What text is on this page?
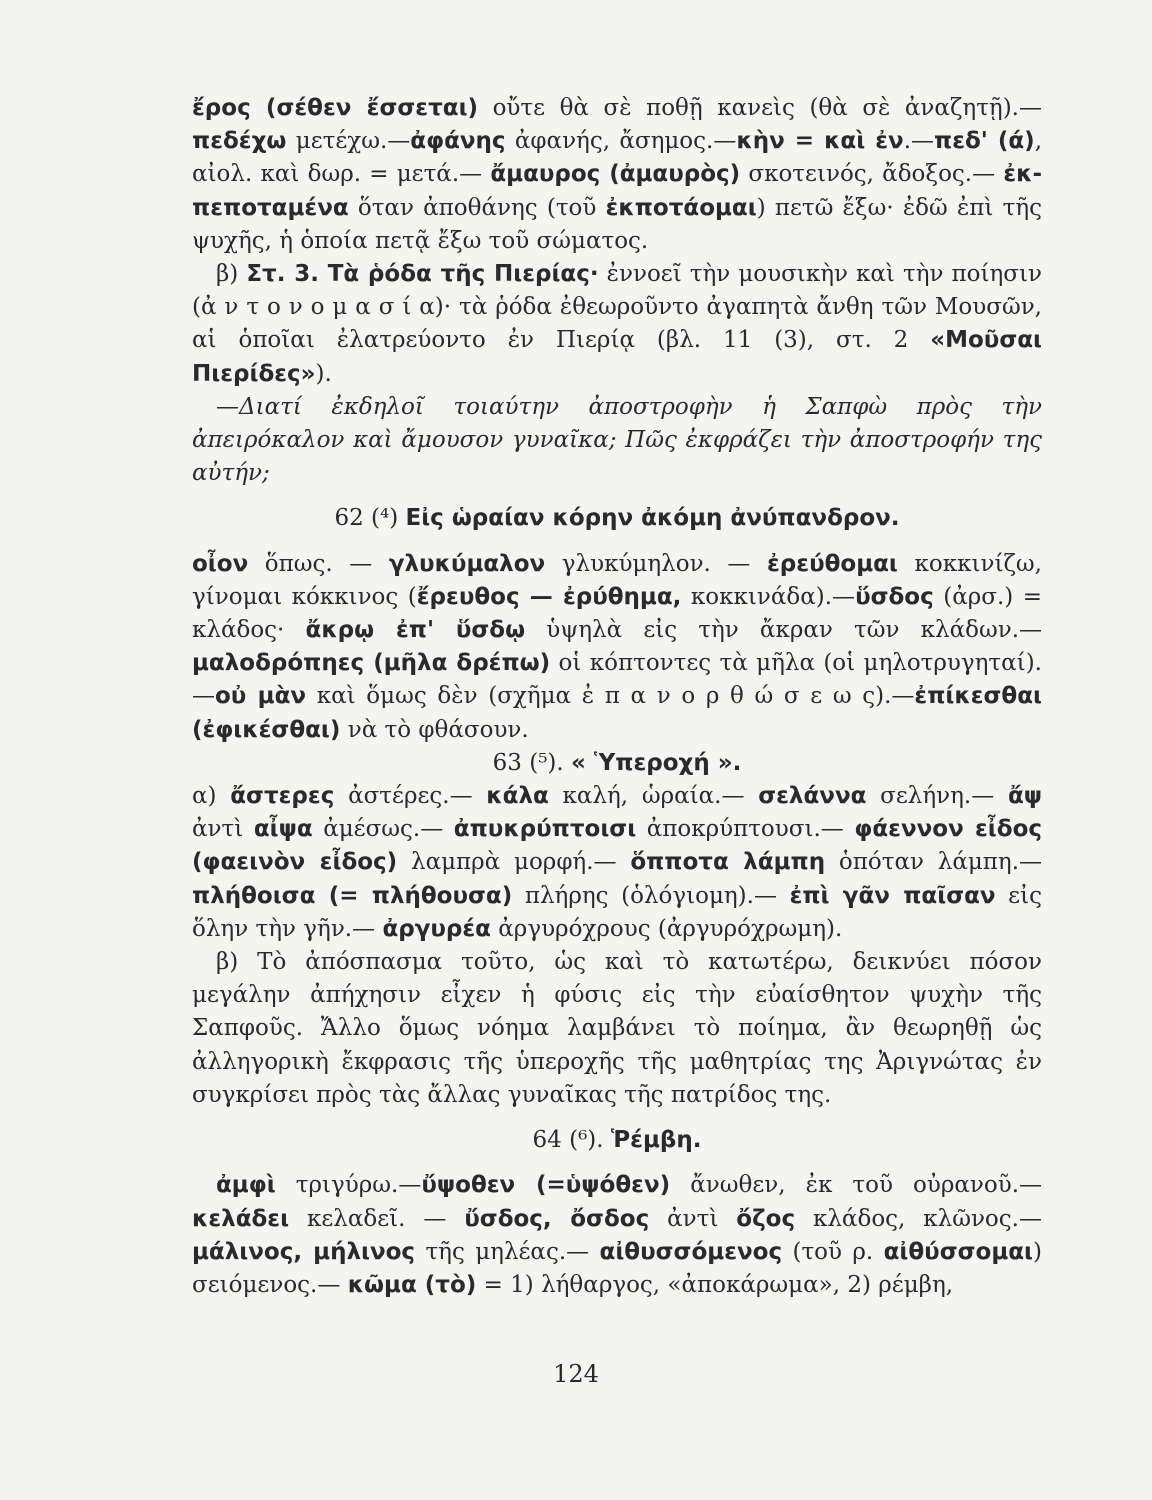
ἔρος (σέθεν ἔσσεται) οὔτε θὰ σὲ ποθῇ κανεὶς (θὰ σὲ ἀναζητῇ).— πεδέχω μετέχω.—ἀφάνης ἀφανής, ἄσημος.—κὴν = καὶ ἐν.—πεδ' (ά), αἰολ. καὶ δωρ. = μετά.— ἄμαυρος (ἀμαυρὸς) σκοτεινός, ἄδοξος.— ἐκ-πεποταμένα ὅταν ἀποθάνης (τοῦ ἐκποτάομαι) πετῶ ἔξω· ἐδῶ ἐπὶ τῆς ψυχῆς, ἡ ὁποία πετᾷ ἔξω τοῦ σώματος.

β) Στ. 3. Τὰ ῥόδα τῆς Πιερίας· ἐννοεῖ τὴν μουσικὴν καὶ τὴν ποίησιν (ἀ ν τ ο ν ο μ α σ ί α)· τὰ ῥόδα ἐθεωροῦντο ἀγαπητὰ ἄνθη τῶν Μουσῶν, αἱ ὁποῖαι ἐλατρεύοντο ἐν Πιερίᾳ (βλ. 11 (3), στ. 2 «Μοῦσαι Πιερίδες»).

—Διατί ἐκδηλοῖ τοιαύτην ἀποστροφὴν ἡ Σαπφὼ πρὸς τὴν ἀπειρόκαλον καὶ ἄμουσον γυναῖκα; Πῶς ἐκφράζει τὴν ἀποστροφήν της αὐτήν;

62 (⁴) Εἰς ὡραίαν κόρην ἀκόμη ἀνύπανδρον.

οἶον ὅπως. — γλυκύμαλον γλυκύμηλον. — ἐρεύθομαι κοκκινίζω, γίνομαι κόκκινος (ἔρευθος — ἐρύθημα, κοκκινάδα).—ὕσδος (ἀρσ.) = κλάδος· ἄκρῳ ἐπ' ὕσδῳ ὑψηλὰ εἰς τὴν ἄκραν τῶν κλάδων.—μαλοδρόπηες (μῆλα δρέπω) οἱ κόπτοντες τὰ μῆλα (οἱ μηλοτρυγηταί).—οὐ μὰν καὶ ὅμως δὲν (σχῆμα ἐ π α ν ο ρ θ ώ σ ε ω ς).—ἐπίκεσθαι (ἐφικέσθαι) νὰ τὸ φθάσουν.

63 (⁵). « Ὑπεροχή ».

α) ἄστερες ἀστέρες.— κάλα καλή, ὡραία.— σελάννα σελήνη.— ἄψ ἀντὶ αἶψα ἀμέσως.— ἀπυκρύπτοισι ἀποκρύπτουσι.— φάεννον εἶδος (φαεινὸν εἶδος) λαμπρὰ μορφή.— ὅπποτα λάμπη ὁπόταν λάμπη.—πλήθοισα (= πλήθουσα) πλήρης (ὁλόγιομη).— ἐπὶ γᾶν παῖσαν εἰς ὅλην τὴν γῆν.— ἀργυρέα ἀργυρόχρους (ἀργυρόχρωμη).

β) Τὸ ἀπόσπασμα τοῦτο, ὡς καὶ τὸ κατωτέρω, δεικνύει πόσον μεγάλην ἀπήχησιν εἶχεν ἡ φύσις εἰς τὴν εὐαίσθητον ψυχὴν τῆς Σαπφοῦς. Ἄλλο ὅμως νόημα λαμβάνει τὸ ποίημα, ἂν θεωρηθῇ ὡς ἀλληγορικὴ ἔκφρασις τῆς ὑπεροχῆς τῆς μαθητρίας της Ἀριγνώτας ἐν συγκρίσει πρὸς τὰς ἄλλας γυναῖκας τῆς πατρίδος της.

64 (⁶). Ῥέμβη.

ἀμφὶ τριγύρω.—ὔψοθεν (=ὑψόθεν) ἄνωθεν, ἐκ τοῦ οὐρανοῦ.—κελάδει κελαδεῖ. — ὔσδος, ὄσδος ἀντὶ ὄζος κλάδος, κλῶνος.— μάλινος, μήλινος τῆς μηλέας.— αἰθυσσόμενος (τοῦ ρ. αἰθύσσομαι) σειόμενος.— κῶμα (τὸ) = 1) λήθαργος, «ἀποκάρωμα», 2) ρέμβη,

124
